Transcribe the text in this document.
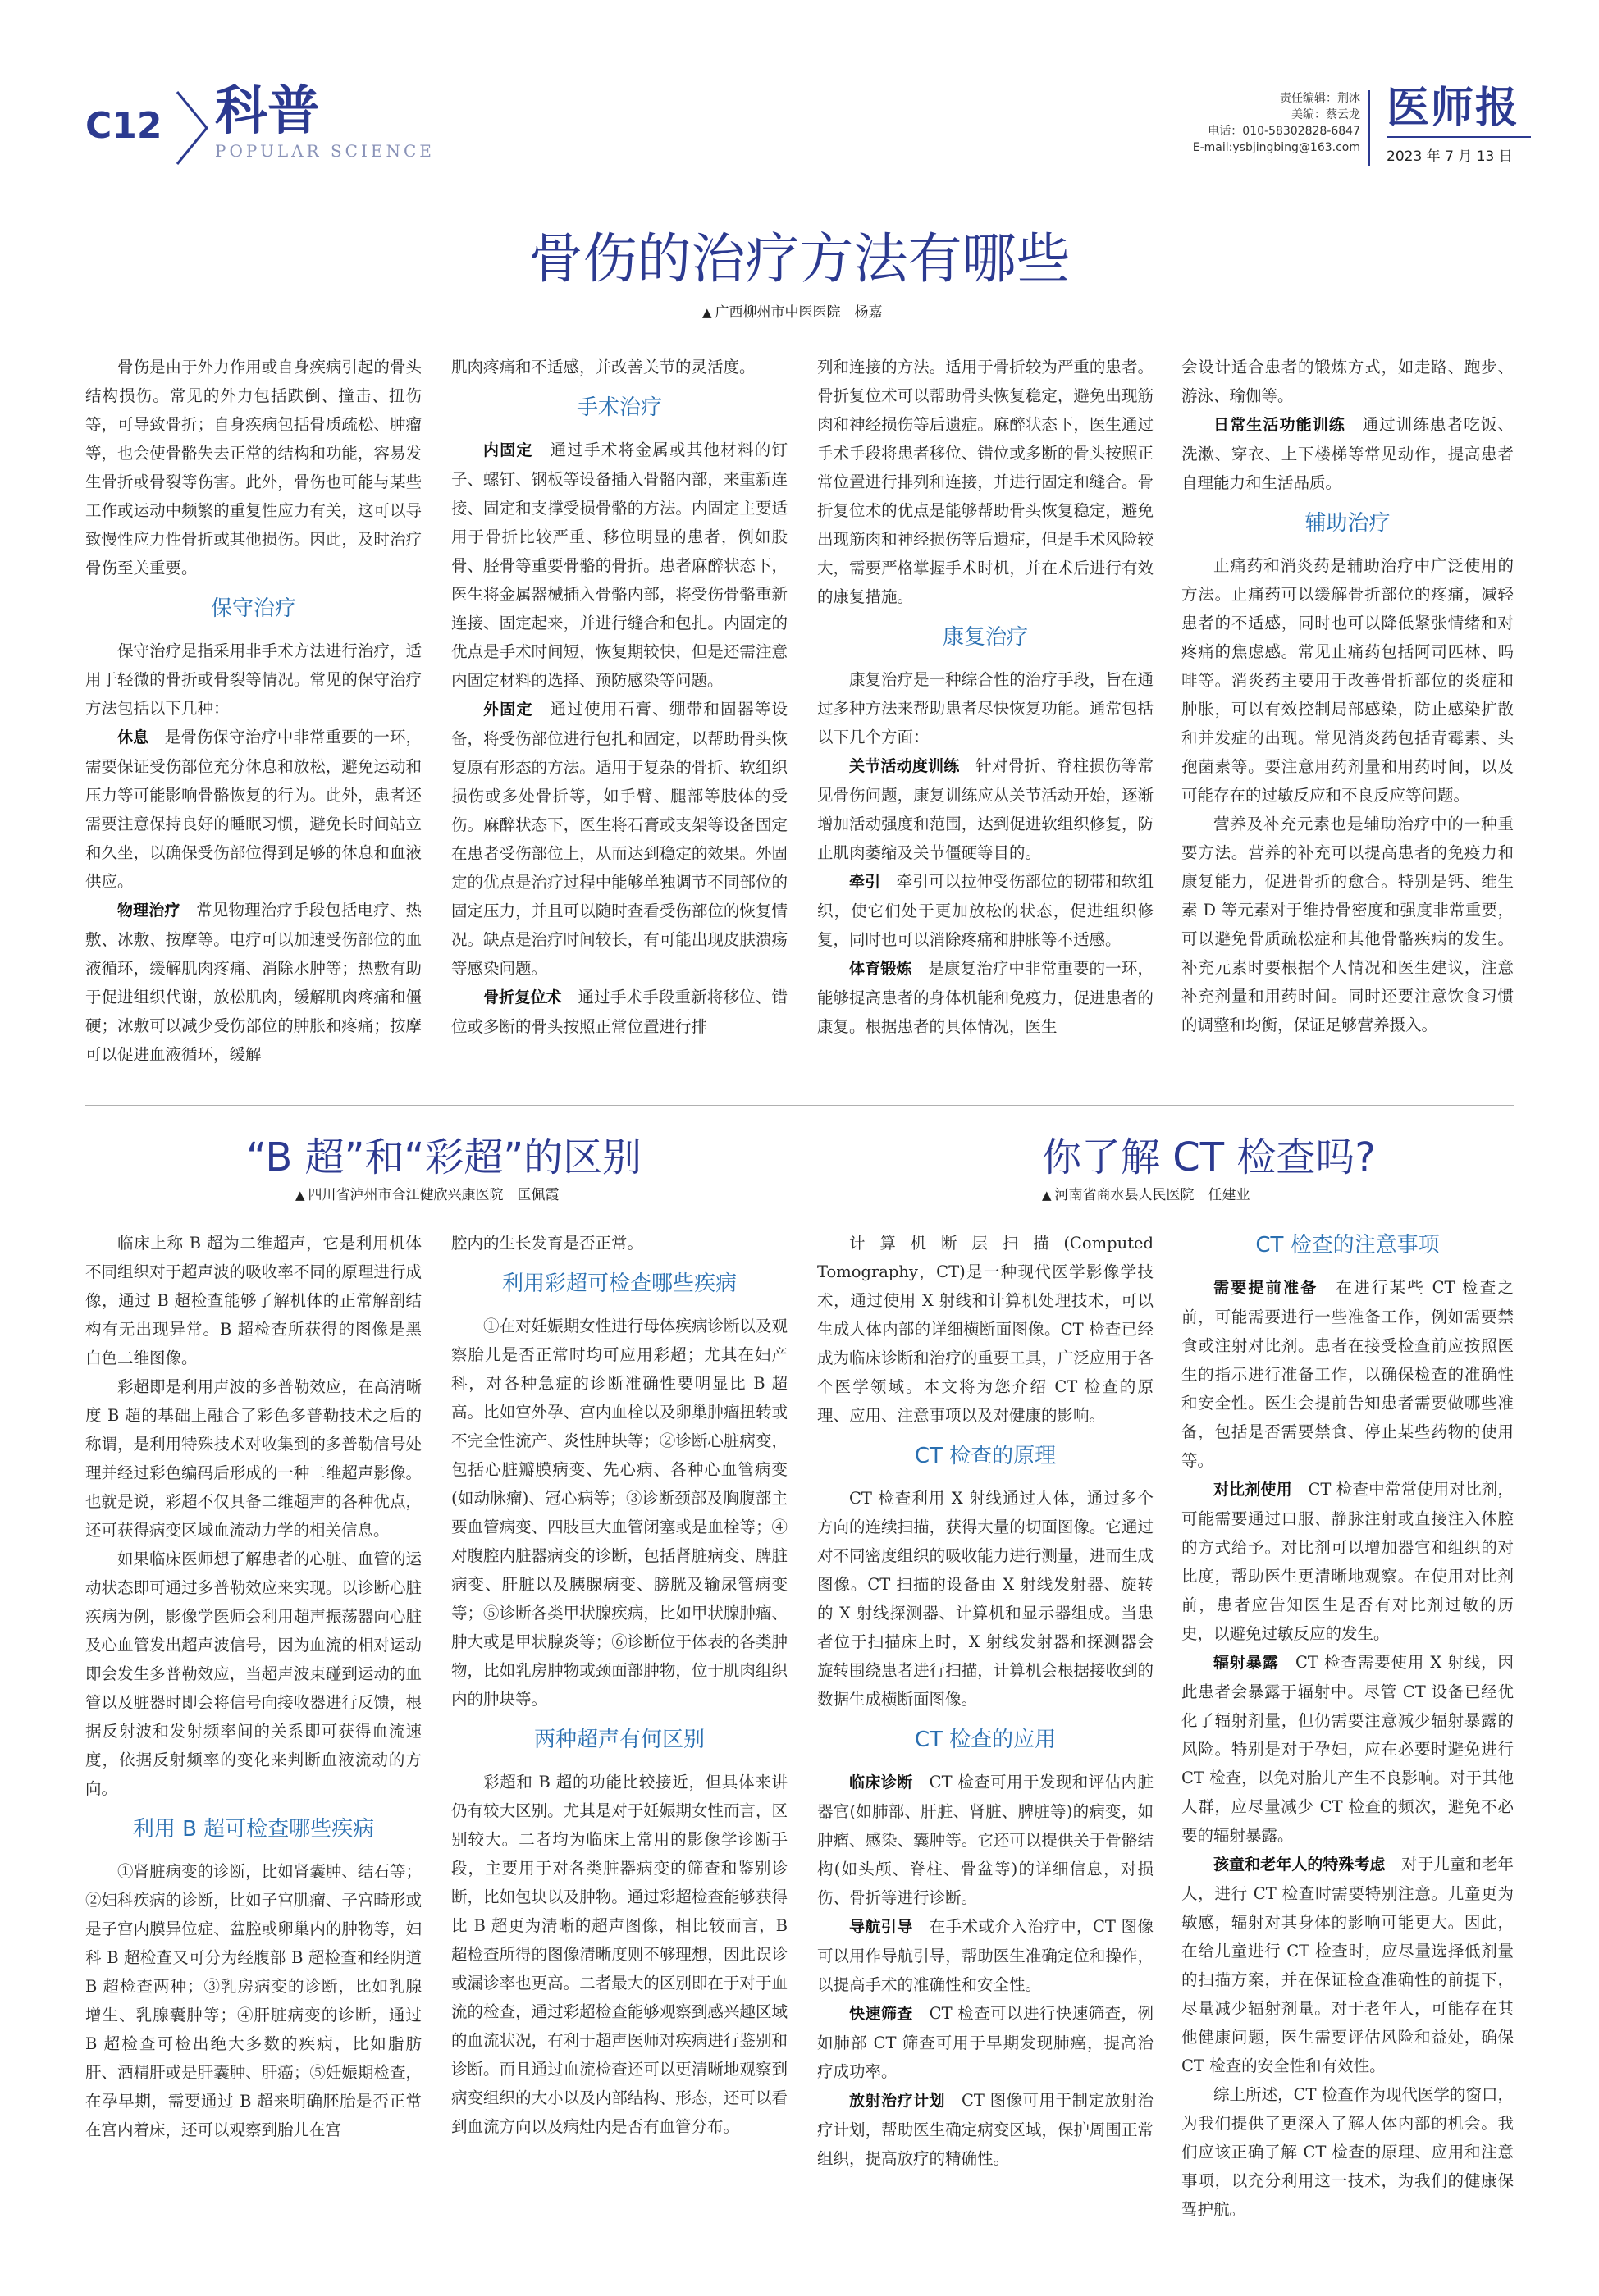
C12 科普
POPULAR SCIENCE
责任编辑：荆冰
美编：蔡云龙
电话：010-58302828-6847
E-mail:ysbjingbing@163.com
医师报
2023 年 7 月 13 日
骨伤的治疗方法有哪些
▲ 广西柳州市中医医院　杨嘉

骨伤是由于外力作用或自身疾病引起的骨头结构损伤。常见的外力包括跌倒、撞击、扭伤等，可导致骨折；自身疾病包括骨质疏松、肿瘤等，也会使骨骼失去正常的结构和功能，容易发生骨折或骨裂等伤害。此外，骨伤也可能与某些工作或运动中频繁的重复性应力有关，这可以导致慢性应力性骨折或其他损伤。因此，及时治疗骨伤至关重要。

保守治疗

保守治疗是指采用非手术方法进行治疗，适用于轻微的骨折或骨裂等情况。常见的保守治疗方法包括以下几种：

休息　 是骨伤保守治疗中非常重要的一环，需要保证受伤部位充分休息和放松，避免运动和压力等可能影响骨骼恢复的行为。此外，患者还需要注意保持良好的睡眠习惯，避免长时间站立和久坐，以确保受伤部位得到足够的休息和血液供应。

物理治疗　 常见物理治疗手段包括电疗、热敷、冰敷、按摩等。电疗可以加速受伤部位的血液循环，缓解肌肉疼痛、消除水肿等；热敷有助于促进组织代谢，放松肌肉，缓解肌肉疼痛和僵硬；冰敷可以减少受伤部位的肿胀和疼痛；按摩可以促进血液循环，缓解

肌肉疼痛和不适感，并改善关节的灵活度。

手术治疗

内固定　 通过手术将金属或其他材料的钉子、螺钉、钢板等设备插入骨骼内部，来重新连接、固定和支撑受损骨骼的方法。内固定主要适用于骨折比较严重、移位明显的患者，例如股骨、胫骨等重要骨骼的骨折。患者麻醉状态下，医生将金属器械插入骨骼内部，将受伤骨骼重新连接、固定起来，并进行缝合和包扎。内固定的优点是手术时间短，恢复期较快，但是还需注意内固定材料的选择、预防感染等问题。

外固定　 通过使用石膏、绷带和固器等设备，将受伤部位进行包扎和固定，以帮助骨头恢复原有形态的方法。适用于复杂的骨折、软组织损伤或多处骨折等，如手臂、腿部等肢体的受伤。麻醉状态下，医生将石膏或支架等设备固定在患者受伤部位上，从而达到稳定的效果。外固定的优点是治疗过程中能够单独调节不同部位的固定压力，并且可以随时查看受伤部位的恢复情况。缺点是治疗时间较长，有可能出现皮肤溃疡等感染问题。

骨折复位术　 通过手术手段重新将移位、错位或多断的骨头按照正常位置进行排

列和连接的方法。适用于骨折较为严重的患者。骨折复位术可以帮助骨头恢复稳定，避免出现筋肉和神经损伤等后遗症。麻醉状态下，医生通过手术手段将患者移位、错位或多断的骨头按照正常位置进行排列和连接，并进行固定和缝合。骨折复位术的优点是能够帮助骨头恢复稳定，避免出现筋肉和神经损伤等后遗症，但是手术风险较大，需要严格掌握手术时机，并在术后进行有效的康复措施。

康复治疗

康复治疗是一种综合性的治疗手段，旨在通过多种方法来帮助患者尽快恢复功能。通常包括以下几个方面：

关节活动度训练　 针对骨折、脊柱损伤等常见骨伤问题，康复训练应从关节活动开始，逐渐增加活动强度和范围，达到促进软组织修复，防止肌肉萎缩及关节僵硬等目的。

牵引　 牵引可以拉伸受伤部位的韧带和软组织，使它们处于更加放松的状态，促进组织修复，同时也可以消除疼痛和肿胀等不适感。

体育锻炼　 是康复治疗中非常重要的一环，能够提高患者的身体机能和免疫力，促进患者的康复。根据患者的具体情况，医生

会设计适合患者的锻炼方式，如走路、跑步、游泳、瑜伽等。

日常生活功能训练　 通过训练患者吃饭、洗漱、穿衣、上下楼梯等常见动作，提高患者自理能力和生活品质。

辅助治疗

止痛药和消炎药是辅助治疗中广泛使用的方法。止痛药可以缓解骨折部位的疼痛，减轻患者的不适感，同时也可以降低紧张情绪和对疼痛的焦虑感。常见止痛药包括阿司匹林、吗啡等。消炎药主要用于改善骨折部位的炎症和肿胀，可以有效控制局部感染，防止感染扩散和并发症的出现。常见消炎药包括青霉素、头孢菌素等。要注意用药剂量和用药时间，以及可能存在的过敏反应和不良反应等问题。

营养及补充元素也是辅助治疗中的一种重要方法。营养的补充可以提高患者的免疫力和康复能力，促进骨折的愈合。特别是钙、维生素 D 等元素对于维持骨密度和强度非常重要，可以避免骨质疏松症和其他骨骼疾病的发生。补充元素时要根据个人情况和医生建议，注意补充剂量和用药时间。同时还要注意饮食习惯的调整和均衡，保证足够营养摄入。

“B 超”和“彩超”的区别
▲ 四川省泸州市合江健欣兴康医院　匡佩霞

临床上称 B 超为二维超声，它是利用机体不同组织对于超声波的吸收率不同的原理进行成像，通过 B 超检查能够了解机体的正常解剖结构有无出现异常。B 超检查所获得的图像是黑白色二维图像。

彩超即是利用声波的多普勒效应，在高清晰度 B 超的基础上融合了彩色多普勒技术之后的称谓，是利用特殊技术对收集到的多普勒信号处理并经过彩色编码后形成的一种二维超声影像。也就是说，彩超不仅具备二维超声的各种优点，还可获得病变区域血流动力学的相关信息。

如果临床医师想了解患者的心脏、血管的运动状态即可通过多普勒效应来实现。以诊断心脏疾病为例，影像学医师会利用超声振荡器向心脏及心血管发出超声波信号，因为血流的相对运动即会发生多普勒效应，当超声波束碰到运动的血管以及脏器时即会将信号向接收器进行反馈，根据反射波和发射频率间的关系即可获得血流速度，依据反射频率的变化来判断血液流动的方向。

利用 B 超可检查哪些疾病

①肾脏病变的诊断，比如肾囊肿、结石等；②妇科疾病的诊断，比如子宫肌瘤、子宫畸形或是子宫内膜异位症、盆腔或卵巢内的肿物等，妇科 B 超检查又可分为经腹部 B 超检查和经阴道 B 超检查两种；③乳房病变的诊断，比如乳腺增生、乳腺囊肿等；④肝脏病变的诊断，通过 B 超检查可检出绝大多数的疾病，比如脂肪肝、酒精肝或是肝囊肿、肝癌；⑤妊娠期检查，在孕早期，需要通过 B 超来明确胚胎是否正常在宫内着床，还可以观察到胎儿在宫

腔内的生长发育是否正常。

利用彩超可检查哪些疾病

①在对妊娠期女性进行母体疾病诊断以及观察胎儿是否正常时均可应用彩超；尤其在妇产科，对各种急症的诊断准确性要明显比 B 超高。比如宫外孕、宫内血栓以及卵巢肿瘤扭转或不完全性流产、炎性肿块等；②诊断心脏病变，包括心脏瓣膜病变、先心病、各种心血管病变(如动脉瘤)、冠心病等；③诊断颈部及胸腹部主要血管病变、四肢巨大血管闭塞或是血栓等；④对腹腔内脏器病变的诊断，包括肾脏病变、脾脏病变、肝脏以及胰腺病变、膀胱及输尿管病变等；⑤诊断各类甲状腺疾病，比如甲状腺肿瘤、肿大或是甲状腺炎等；⑥诊断位于体表的各类肿物，比如乳房肿物或颈面部肿物，位于肌肉组织内的肿块等。

两种超声有何区别

彩超和 B 超的功能比较接近，但具体来讲仍有较大区别。尤其是对于妊娠期女性而言，区别较大。二者均为临床上常用的影像学诊断手段，主要用于对各类脏器病变的筛查和鉴别诊断，比如包块以及肿物。通过彩超检查能够获得比 B 超更为清晰的超声图像，相比较而言，B 超检查所得的图像清晰度则不够理想，因此误诊或漏诊率也更高。二者最大的区别即在于对于血流的检查，通过彩超检查能够观察到感兴趣区域的血流状况，有利于超声医师对疾病进行鉴别和诊断。而且通过血流检查还可以更清晰地观察到病变组织的大小以及内部结构、形态，还可以看到血流方向以及病灶内是否有血管分布。

你了解 CT 检查吗?
▲ 河南省商水县人民医院　任建业

计算机断层扫描(Computed Tomography，CT)是一种现代医学影像学技术，通过使用 X 射线和计算机处理技术，可以生成人体内部的详细横断面图像。CT 检查已经成为临床诊断和治疗的重要工具，广泛应用于各个医学领域。本文将为您介绍 CT 检查的原理、应用、注意事项以及对健康的影响。

CT 检查的原理

CT 检查利用 X 射线通过人体，通过多个方向的连续扫描，获得大量的切面图像。它通过对不同密度组织的吸收能力进行测量，进而生成图像。CT 扫描的设备由 X 射线发射器、旋转的 X 射线探测器、计算机和显示器组成。当患者位于扫描床上时，X 射线发射器和探测器会旋转围绕患者进行扫描，计算机会根据接收到的数据生成横断面图像。

CT 检查的应用

临床诊断　 CT 检查可用于发现和评估内脏器官(如肺部、肝脏、肾脏、脾脏等)的病变，如肿瘤、感染、囊肿等。它还可以提供关于骨骼结构(如头颅、脊柱、骨盆等)的详细信息，对损伤、骨折等进行诊断。

导航引导　 在手术或介入治疗中，CT 图像可以用作导航引导，帮助医生准确定位和操作，以提高手术的准确性和安全性。

快速筛查　 CT 检查可以进行快速筛查，例如肺部 CT 筛查可用于早期发现肺癌，提高治疗成功率。

放射治疗计划　 CT 图像可用于制定放射治疗计划，帮助医生确定病变区域，保护周围正常组织，提高放疗的精确性。

CT 检查的注意事项

需要提前准备　 在进行某些 CT 检查之前，可能需要进行一些准备工作，例如需要禁食或注射对比剂。患者在接受检查前应按照医生的指示进行准备工作，以确保检查的准确性和安全性。医生会提前告知患者需要做哪些准备，包括是否需要禁食、停止某些药物的使用等。

对比剂使用　 CT 检查中常常使用对比剂，可能需要通过口服、静脉注射或直接注入体腔的方式给予。对比剂可以增加器官和组织的对比度，帮助医生更清晰地观察。在使用对比剂前，患者应告知医生是否有对比剂过敏的历史，以避免过敏反应的发生。

辐射暴露　 CT 检查需要使用 X 射线，因此患者会暴露于辐射中。尽管 CT 设备已经优化了辐射剂量，但仍需要注意减少辐射暴露的风险。特别是对于孕妇，应在必要时避免进行 CT 检查，以免对胎儿产生不良影响。对于其他人群，应尽量减少 CT 检查的频次，避免不必要的辐射暴露。

孩童和老年人的特殊考虑　 对于儿童和老年人，进行 CT 检查时需要特别注意。儿童更为敏感，辐射对其身体的影响可能更大。因此，在给儿童进行 CT 检查时，应尽量选择低剂量的扫描方案，并在保证检查准确性的前提下，尽量减少辐射剂量。对于老年人，可能存在其他健康问题，医生需要评估风险和益处，确保 CT 检查的安全性和有效性。

综上所述，CT 检查作为现代医学的窗口，为我们提供了更深入了解人体内部的机会。我们应该正确了解 CT 检查的原理、应用和注意事项，以充分利用这一技术，为我们的健康保驾护航。
